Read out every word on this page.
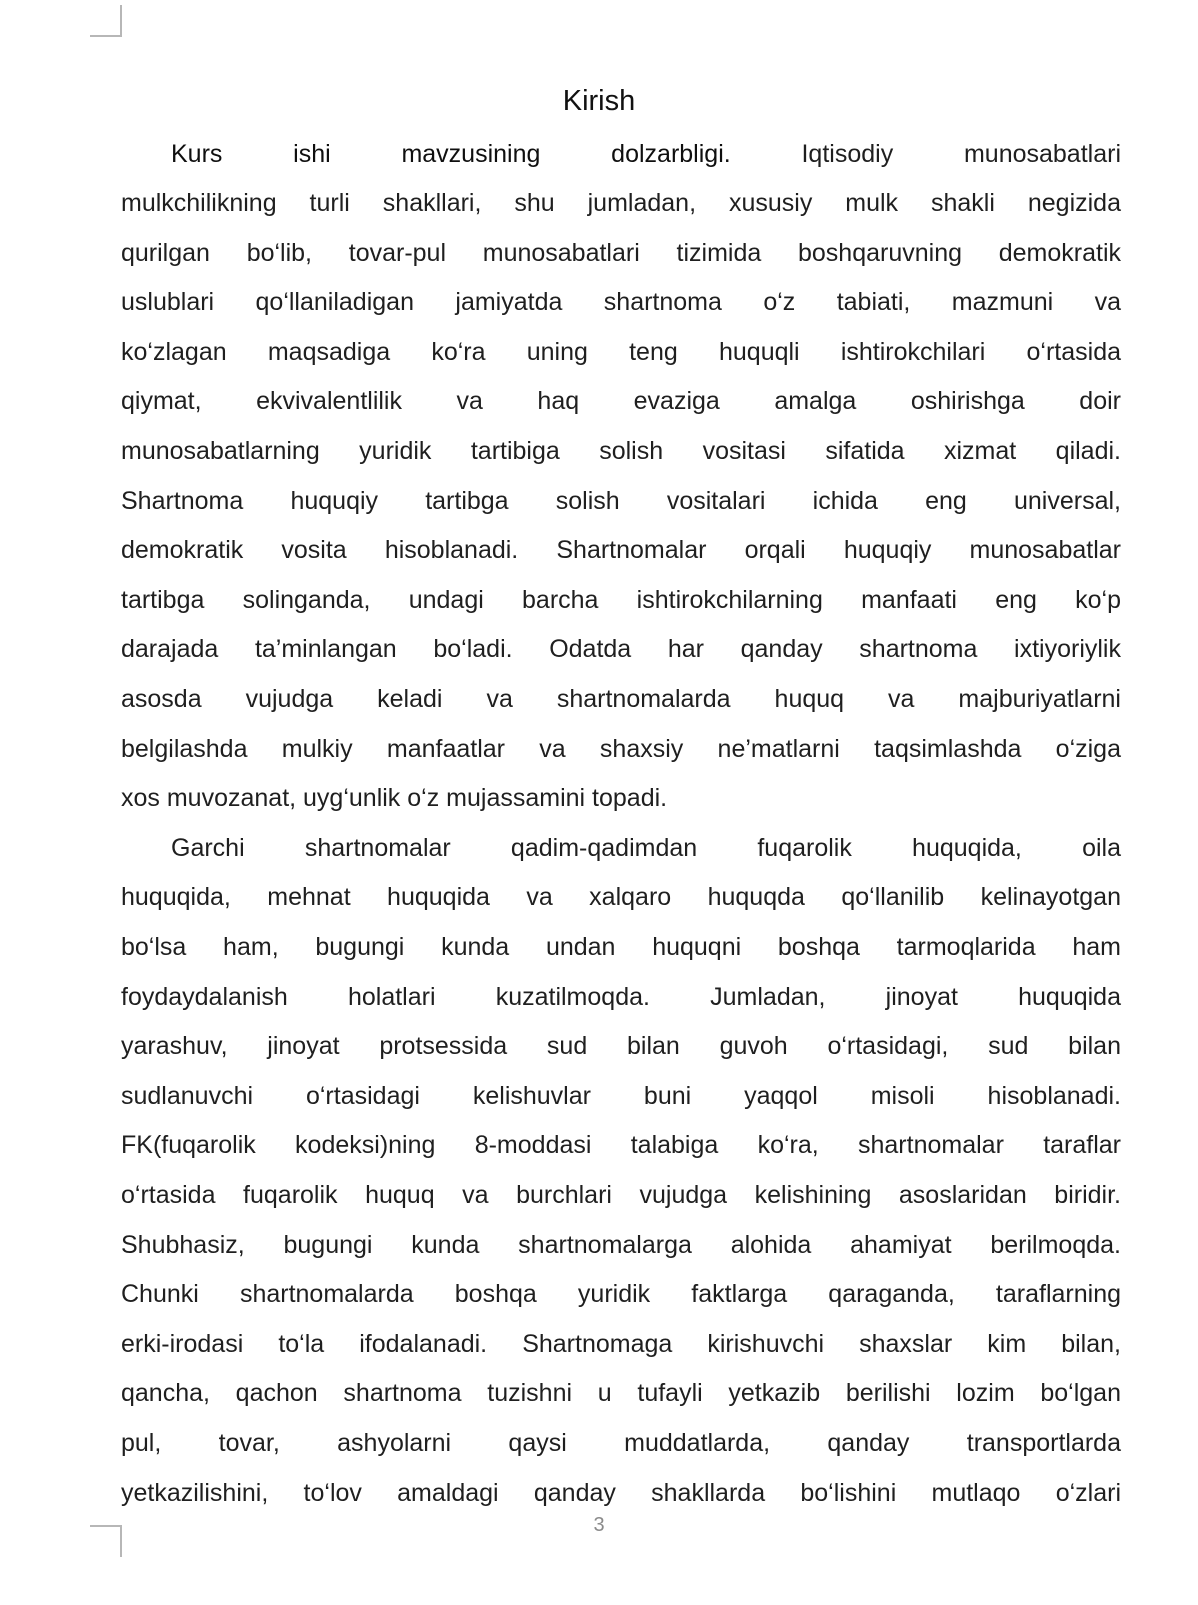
Kirish
Kurs ishi mavzusining dolzarbligi.	Iqtisodiy munosabatlari
mulkchilikning turli shakllari, shu jumladan, xususiy mulk shakli negizida
qurilgan bo‘lib, tovar-pul munosabatlari tizimida boshqaruvning demokratik
uslublari qo‘llaniladigan jamiyatda shartnoma o‘z tabiati, mazmuni va
ko‘zlagan maqsadiga ko‘ra uning teng huquqli ishtirokchilari o‘rtasida
qiymat, ekvivalentlilik va haq evaziga amalga oshirishga doir
munosabatlarning yuridik tartibiga solish vositasi sifatida xizmat qiladi.
Shartnoma huquqiy tartibga solish vositalari ichida eng universal,
demokratik vosita hisoblanadi. Shartnomalar orqali huquqiy munosabatlar
tartibga solinganda, undagi barcha ishtirokchilarning manfaati eng ko‘p
darajada ta’minlangan bo‘ladi. Odatda har qanday shartnoma ixtiyoriylik
asosda vujudga keladi va shartnomalarda huquq va majburiyatlarni
belgilashda mulkiy manfaatlar va shaxsiy ne’matlarni taqsimlashda o‘ziga
xos muvozanat, uyg‘unlik o‘z mujassamini topadi.
Garchi shartnomalar qadim-qadimdan fuqarolik huquqida, oila
huquqida, mehnat huquqida va xalqaro huquqda qo‘llanilib kelinayotgan
bo‘lsa ham, bugungi kunda undan huquqni boshqa tarmoqlarida ham
foydaydalanish holatlari kuzatilmoqda. Jumladan, jinoyat huquqida
yarashuv, jinoyat protsessida sud bilan guvoh o‘rtasidagi, sud bilan
sudlanuvchi o‘rtasidagi kelishuvlar buni yaqqol misoli hisoblanadi.
FK(fuqarolik kodeksi)ning 8-moddasi talabiga ko‘ra, shartnomalar taraflar
o‘rtasida fuqarolik huquq va burchlari vujudga kelishining asoslaridan biridir.
Shubhasiz, bugungi kunda shartnomalarga alohida ahamiyat berilmoqda.
Chunki shartnomalarda boshqa yuridik faktlarga qaraganda, taraflarning
erki-irodasi to‘la ifodalanadi. Shartnomaga kirishuvchi shaxslar kim bilan,
qancha, qachon shartnoma tuzishni u tufayli yetkazib berilishi lozim bo‘lgan
pul, tovar, ashyolarni qaysi muddatlarda, qanday transportlarda
yetkazilishini, to‘lov amaldagi qanday shakllarda bo‘lishini mutlaqo o‘zlari
3
